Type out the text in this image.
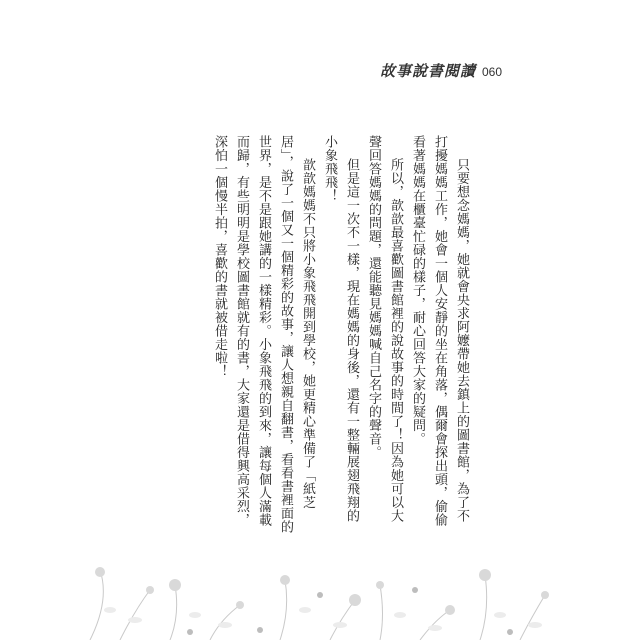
故事說書閱讀 060

只要想念媽媽，她就會央求阿嬤帶她去鎮上的圖書館，為了不打擾媽媽工作，她會一個人安靜的坐在角落，偶爾會探出頭，偷偷看著媽媽在櫃臺忙碌的樣子，耐心回答大家的疑問。

所以，歆歆最喜歡圖書館裡的說故事的時間了！因為她可以大聲回答媽媽的問題，還能聽見媽媽喊自己名字的聲音。

但是這一次不一樣，現在媽媽的身後，還有一整輛展翅飛翔的小象飛飛！

歆歆媽媽不只將小象飛飛開到學校，她更精心準備了「紙芝居」，說了一個又一個精彩的故事，讓人想親自翻書，看看書裡面的世界，是不是跟她講的一樣精彩。小象飛飛的到來，讓每個人滿載而歸，有些明明是學校圖書館就有的書，大家還是借得興高采烈，深怕一個慢半拍，喜歡的書就被借走啦！
